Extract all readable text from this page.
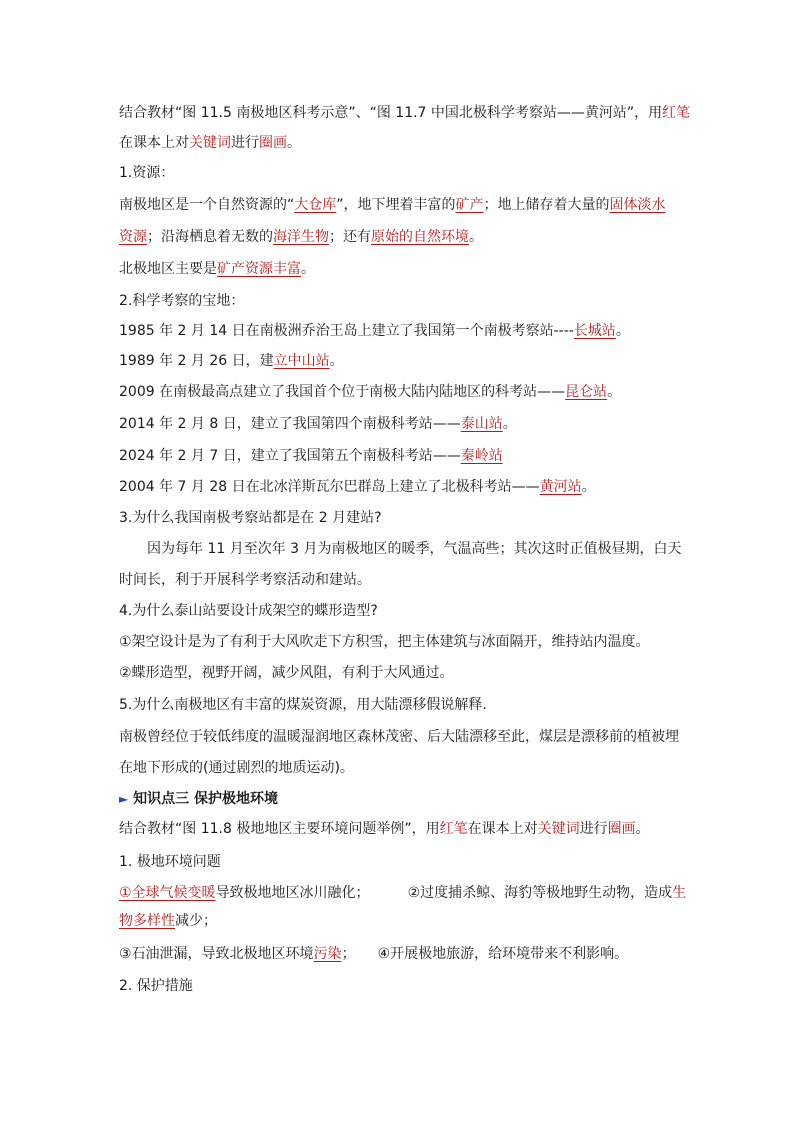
结合教材“图 11.5 南极地区科考示意”、“图 11.7 中国北极科学考察站——黄河站”，用红笔
在课本上对关键词进行圈画。
1.资源：
南极地区是一个自然资源的“大仓库”，地下埋着丰富的矿产；地上储存着大量的固体淡水
资源；沿海栖息着无数的海洋生物；还有原始的自然环境。
北极地区主要是矿产资源丰富。
2.科学考察的宝地：
1985 年 2 月 14 日在南极洲乔治王岛上建立了我国第一个南极考察站----长城站。
1989 年 2 月 26 日，建立中山站。
2009 在南极最高点建立了我国首个位于南极大陆内陆地区的科考站——昆仑站。
2014 年 2 月 8 日，建立了我国第四个南极科考站——泰山站。
2024 年 2 月 7 日，建立了我国第五个南极科考站——秦岭站
2004 年 7 月 28 日在北冰洋斯瓦尔巴群岛上建立了北极科考站——黄河站。
3.为什么我国南极考察站都是在 2 月建站?
因为每年 11 月至次年 3 月为南极地区的暖季，气温高些；其次这时正值极昼期，白天
时间长，利于开展科学考察活动和建站。
4.为什么泰山站要设计成架空的蝶形造型?
①架空设计是为了有利于大风吹走下方积雪，把主体建筑与冰面隔开，维持站内温度。
②蝶形造型，视野开阔，减少风阻，有利于大风通过。
5.为什么南极地区有丰富的煤炭资源，用大陆漂移假说解释.
南极曾经位于较低纬度的温暖湿润地区森林茂密、后大陆漂移至此，煤层是漂移前的植被埋
在地下形成的(通过剧烈的地质运动)。
► 知识点三 保护极地环境
结合教材“图 11.8 极地地区主要环境问题举例”，用红笔在课本上对关键词进行圈画。
1. 极地环境问题
①全球气候变暖导致极地地区冰川融化；	②过度捕杀鲸、海豹等极地野生动物，造成生
物多样性减少；
③石油泄漏，导致北极地区环境污染； ④开展极地旅游，给环境带来不利影响。
2. 保护措施
